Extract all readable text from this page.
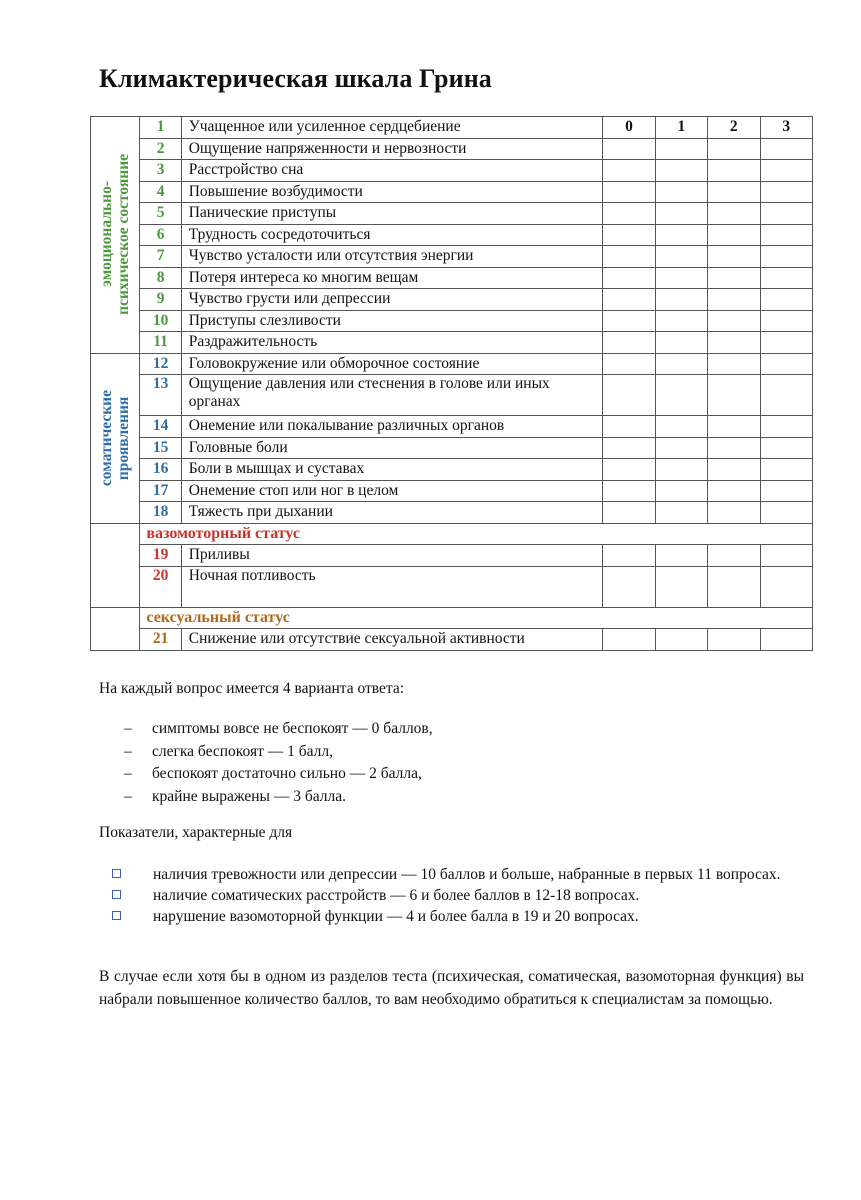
Климактерическая шкала Грина
эмоционально-
психическое состояние	1	Учащенное или усиленное сердцебиение	0	1	2	3
	2	Ощущение напряженности и нервозности				
	3	Расстройство сна				
	4	Повышение возбудимости				
	5	Панические приступы				
	6	Трудность сосредоточиться				
	7	Чувство усталости или отсутствия энергии				
	8	Потеря интереса ко многим вещам				
	9	Чувство грусти или депрессии				
	10	Приступы слезливости				
	11	Раздражительность				

соматические
проявления	12	Головокружение или обморочное состояние				
	13	Ощущение давления или стеснения в голове или иных органах				
	14	Онемение или покалывание различных органов				
	15	Головные боли				
	16	Боли в мышцах и суставах				
	17	Онемение стоп или ног в целом				
	18	Тяжесть при дыхании				
	вазомоторный статус					
	19	Приливы				
	20	Ночная потливость				
	сексуальный статус					
	21	Снижение или отсутствие сексуальной активности				
На каждый вопрос имеется 4 варианта ответа:
– симптомы вовсе не беспокоят — 0 баллов,
– слегка беспокоят — 1 балл,
– беспокоят достаточно сильно — 2 балла,
– крайне выражены — 3 балла.
Показатели, характерные для
наличия тревожности или депрессии — 10 баллов и больше, набранные в первых 11 вопросах.
наличие соматических расстройств — 6 и более баллов в 12-18 вопросах.
нарушение вазомоторной функции — 4 и более балла в 19 и 20 вопросах.
В случае если хотя бы в одном из разделов теста (психическая, соматическая, вазомоторная функция) вы набрали повышенное количество баллов, то вам необходимо обратиться к специалистам за помощью.
